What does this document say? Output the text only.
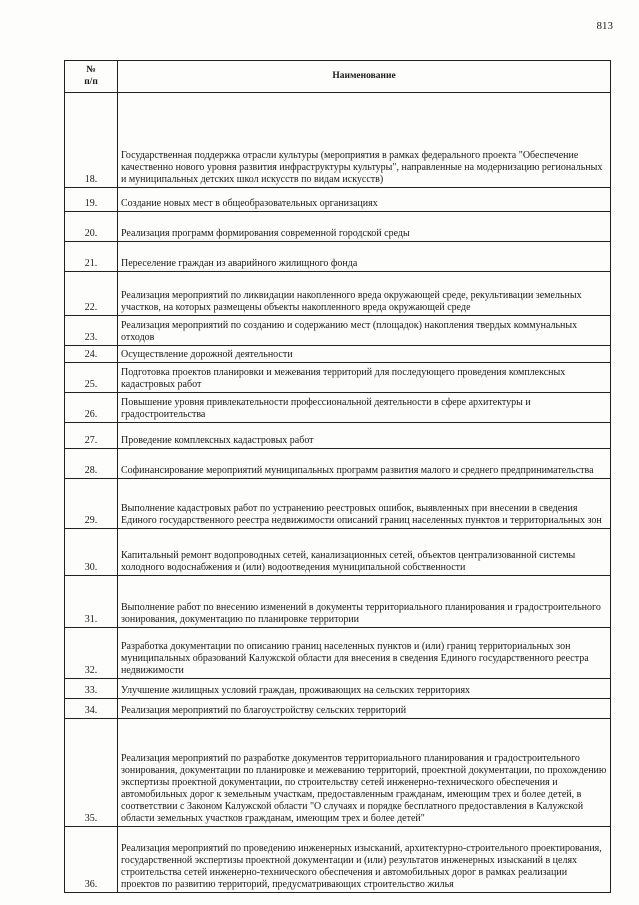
813
№
п/п	Наименование
18.	Государственная поддержка отрасли культуры (мероприятия в рамках федерального проекта "Обеспечение качественно нового уровня развития инфраструктуры культуры", направленные на модернизацию региональных и муниципальных детских школ искусств по видам искусств)
19.	Создание новых мест в общеобразовательных организациях
20.	Реализация программ формирования современной городской среды
21.	Переселение граждан из аварийного жилищного фонда
22.	Реализация мероприятий по ликвидации накопленного вреда окружающей среде, рекультивации земельных участков, на которых размещены объекты накопленного вреда окружающей среде
23.	Реализация мероприятий по созданию и содержанию мест (площадок) накопления твердых коммунальных отходов
24.	Осуществление дорожной деятельности
25.	Подготовка проектов планировки и межевания территорий для последующего проведения комплексных кадастровых работ
26.	Повышение уровня привлекательности профессиональной деятельности в сфере архитектуры и градостроительства
27.	Проведение комплексных кадастровых работ
28.	Софинансирование мероприятий муниципальных программ развития малого и среднего предпринимательства
29.	Выполнение кадастровых работ по устранению реестровых ошибок, выявленных при внесении в сведения Единого государственного реестра недвижимости описаний границ населенных пунктов и территориальных зон
30.	Капитальный ремонт водопроводных сетей, канализационных сетей, объектов централизованной системы холодного водоснабжения и (или) водоотведения муниципальной собственности
31.	Выполнение работ по внесению изменений в документы территориального планирования и градостроительного зонирования, документацию по планировке территории
32.	Разработка документации по описанию границ населенных пунктов и (или) границ территориальных зон муниципальных образований Калужской области для внесения в сведения Единого государственного реестра недвижимости
33.	Улучшение жилищных условий граждан, проживающих на сельских территориях
34.	Реализация мероприятий по благоустройству сельских территорий
35.	Реализация мероприятий по разработке документов территориального планирования и градостроительного зонирования, документации по планировке и межеванию территорий, проектной документации, по прохождению экспертизы проектной документации, по строительству сетей инженерно-технического обеспечения и автомобильных дорог к земельным участкам, предоставленным гражданам, имеющим трех и более детей, в соответствии с Законом Калужской области "О случаях и порядке бесплатного предоставления в Калужской области земельных участков гражданам, имеющим трех и более детей"
36.	Реализация мероприятий по проведению инженерных изысканий, архитектурно-строительного проектирования, государственной экспертизы проектной документации и (или) результатов инженерных изысканий в целях строительства сетей инженерно-технического обеспечения и автомобильных дорог в рамках реализации проектов по развитию территорий, предусматривающих строительство жилья
